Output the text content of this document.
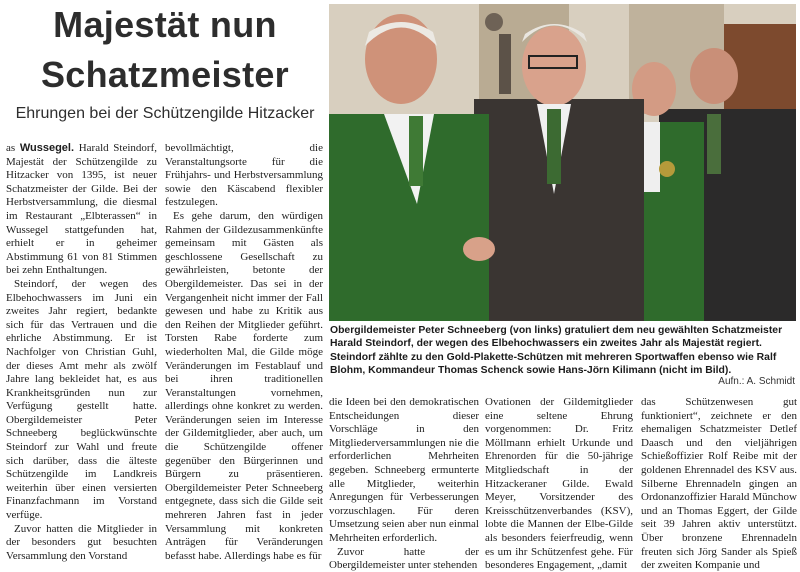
Majestät nun Schatzmeister
Ehrungen bei der Schützengilde Hitzacker
Obergildemeister Peter Schneeberg (von links) gratuliert dem neu gewählten Schatzmeister Harald Steindorf, der wegen des Elbehochwassers ein zweites Jahr als Majestät regiert. Steindorf zählte zu den Gold-Plakette-Schützen mit mehreren Sportwaffen ebenso wie Ralf Blohm, Kommandeur Thomas Schenck sowie Hans-Jörn Kilimann (nicht im Bild).
Aufn.: A. Schmidt

as Wussegel. Harald Steindorf, Majestät der Schützengilde zu Hitzacker von 1395, ist neuer Schatzmeister der Gilde. Bei der Herbstversammlung, die diesmal im Restaurant „Elbterassen“ in Wussegel stattgefunden hat, erhielt er in geheimer Abstimmung 61 von 81 Stimmen bei zehn Enthaltungen.

Steindorf, der wegen des Elbehochwassers im Juni ein zweites Jahr regiert, bedankte sich für das Vertrauen und die ehrliche Abstimmung. Er ist Nachfolger von Christian Guhl, der dieses Amt mehr als zwölf Jahre lang bekleidet hat, es aus Krankheitsgründen nun zur Verfügung gestellt hatte. Obergildemeister Peter Schneeberg beglückwünschte Steindorf zur Wahl und freute sich darüber, dass die älteste Schützengilde im Landkreis weiterhin über einen versierten Finanzfachmann im Vorstand verfüge.

Zuvor hatten die Mitglieder in der besonders gut besuchten Versammlung den Vorstand

bevollmächtigt, die Veranstaltungsorte für die Frühjahrs- und Herbstversammlung sowie den Käscabend flexibler festzulegen.

Es gehe darum, den würdigen Rahmen der Gildezusammenkünfte gemeinsam mit Gästen als geschlossene Gesellschaft zu gewährleisten, betonte der Obergildemeister. Das sei in der Vergangenheit nicht immer der Fall gewesen und habe zu Kritik aus den Reihen der Mitglieder geführt. Torsten Rabe forderte zum wiederholten Mal, die Gilde möge Veränderungen im Festablauf und bei ihren traditionellen Veranstaltungen vornehmen, allerdings ohne konkret zu werden. Veränderungen seien im Interesse der Gildemitglieder, aber auch, um die Schützengilde offener gegenüber den Bürgerinnen und Bürgern zu präsentieren. Obergildemeister Peter Schneeberg entgegnete, dass sich die Gilde seit mehreren Jahren fast in jeder Versammlung mit konkreten Anträgen für Veränderungen befasst habe. Allerdings habe es für

die Ideen bei den demokratischen Entscheidungen dieser Vorschläge in den Mitgliederversammlungen nie die erforderlichen Mehrheiten gegeben. Schneeberg ermunterte alle Mitglieder, weiterhin Anregungen für Verbesserungen vorzuschlagen. Für deren Umsetzung seien aber nun einmal Mehrheiten erforderlich.

Zuvor hatte der Obergildemeister unter stehenden

Ovationen der Gildemitglieder eine seltene Ehrung vorgenommen: Dr. Fritz Möllmann erhielt Urkunde und Ehrenorden für die 50-jährige Mitgliedschaft in der Hitzackeraner Gilde. Ewald Meyer, Vorsitzender des Kreisschützenverbandes (KSV), lobte die Mannen der Elbe-Gilde als besonders feierfreudig, wenn es um ihr Schützenfest gehe. Für besonderes Engagement, „damit

das Schützenwesen gut funktioniert“, zeichnete er den ehemaligen Schatzmeister Detlef Daasch und den vieljährigen Schießoffizier Rolf Reibe mit der goldenen Ehrennadel des KSV aus. Silberne Ehrennadeln gingen an Ordonanzoffizier Harald Münchow und an Thomas Eggert, der Gilde seit 39 Jahren aktiv unterstützt. Über bronzene Ehrennadeln freuten sich Jörg Sander als Spieß der zweiten Kompanie und
